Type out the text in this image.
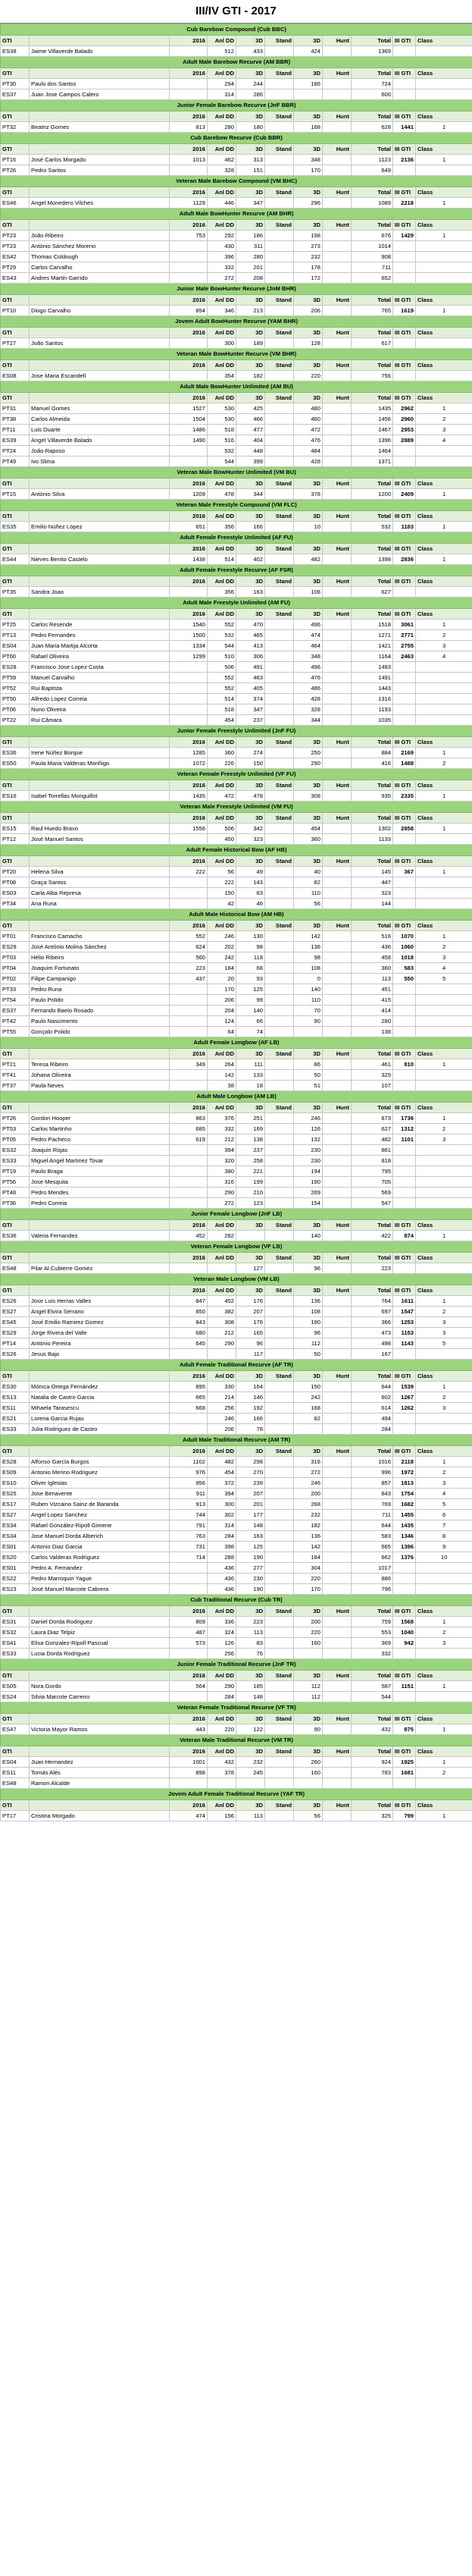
III/IV GTI - 2017
Cub Barebow Compound (Cub BBC)										
GTI		2016	Anl DD	3D	Stand	3D	Hunt	Total	III GTI	Class
ES38	Jaime Villaverde Balado		512	433		424		1369		
Adult Male Barebow Recurve (AM BBR)										
GTI		2016	Anl DD	3D	Stand	3D	Hunt	Total	III GTI	Class
PT30	Paulo dos Santos		294	244		186		724		
ES37	Juan Jose Campos Calero		314	286				600		
Junior Female Barebow Recurve (JnF BBR)										
GTI		2016	Anl DD	3D	Stand	3D	Hunt	Total	III GTI	Class
PT32	Beatriz Gomes	813	280	180		168		628	1441	1
Cub Barebow Recurve (Cub BBR)										
GTI		2016	Anl DD	3D	Stand	3D	Hunt	Total	III GTI	Class
PT16	José Carlos Morgado	1013	462	313		348		1123	2136	1
PT26	Pedro Santos		328	151		170		649		
Veteran Male Barebow Compound (VM BHC)										
GTI		2016	Anl DD	3D	Stand	3D	Hunt	Total	III GTI	Class
ES46	Angel Monedero Vilches	1129	446	347		296		1089	2218	1
Adult Male BowHunter Recurve (AM BHR)										
GTI		2016	Anl DD	3D	Stand	3D	Hunt	Total	III GTI	Class
PT23	João Ribeiro	753	292	186		198		676	1429	1
PT23	António Sánchez Moreno		430	311		273		1014		
ES42	Thomas Coldough		396	280		232		908		
PT29	Carlos Carvalho		332	201		178		711		
ES43	Andres Martin Garrido		272	208		172		652		
Junior Male BowHunter Recurve (JnM BHR)										
GTI		2016	Anl DD	3D	Stand	3D	Hunt	Total	III GTI	Class
PT10	Diogo Carvalho	854	346	213		206		765	1619	1
Jovem Adult BowHunter Recurve (YAM BHR)										
GTI		2016	Anl DD	3D	Stand	3D	Hunt	Total	III GTI	Class
PT27	João Santos		300	189		128		617		
Veteran Male BowHunter Recurve (VM BHR)										
GTI		2016	Anl DD	3D	Stand	3D	Hunt	Total	III GTI	Class
ES08	Jose Maria Escandell		354	182		220		756		
Adult Male BowHunter Unlimited (AM BU)										
GTI		2016	Anl DD	3D	Stand	3D	Hunt	Total	III GTI	Class
PT31	Manuel Gomes	1527	530	425		480		1435	2962	1
PT38	Carlos Almeida	1504	530	466		460		1456	2960	2
PT11	Luis Duarte	1486	518	477		472		1467	2953	3
ES39	Angel Villaverde Balado	1490	516	404		476		1396	2889	4
PT24	João Raposo		532	448		484		1464		
PT49	Ivo Slima		544	399		428		1371		
Veteran Male BowHunter Unlimited (VM BU)										
GTI		2016	Anl DD	3D	Stand	3D	Hunt	Total	III GTI	Class
PT15	António Silva	1209	478	344		378		1200	2409	1
Veteran Male Freestyle Compound (VM FLC)										
GTI		2016	Anl DD	3D	Stand	3D	Hunt	Total	III GTI	Class
ES35	Emilio Núñez López	651	356	166		10		532	1183	1
Adult Female Freestyle Unlimited (AF FU)										
GTI		2016	Anl DD	3D	Stand	3D	Hunt	Total	III GTI	Class
ES44	Nieves Benito Castelo	1438	514	402		482		1398	2836	1
Adult Female Freestyle Recurve (AF FSR)										
GTI		2016	Anl DD	3D	Stand	3D	Hunt	Total	III GTI	Class
PT35	Sandra Joao		356	163		108		627		
Adult Male Freestyle Unlimited (AM FU)										
GTI		2016	Anl DD	3D	Stand	3D	Hunt	Total	III GTI	Class
PT25	Carlos Resende	1540	552	470		496		1518	3061	1
PT13	Pedro Fernandes	1500	532	465		474		1271	2771	2
ES04	Juan Maria Martija Alcorta	1334	544	413		464		1421	2755	3
PT60	Rafael Oliveira	1299	510	306		348		1164	2463	4
ES28	Francisco Jose Lopez Costa		506	491		496		1493		
PT59	Manuel Carvalho		552	463		476		1491		
PT52	Rui Baptista		552	405		486		1443		
PT50	Alfredo Lopez Correia		514	374		428		1316		
PT06	Nuno Oliveira		518	347		328		1193		
PT22	Rui Câmara		454	237		344		1035		
Junior Female Freestyle Unlimited (JnF FU)										
GTI		2016	Anl DD	3D	Stand	3D	Hunt	Total	III GTI	Class
ES36	Irene Núñez Borque	1285	360	274		250		884	2169	1
ES50	Paula Maria Valderas Moriñigo	1072	226	150		290		416	1488	2
Veteran Female Freestyle Unlimited (VF FU)										
GTI		2016	Anl DD	3D	Stand	3D	Hunt	Total	III GTI	Class
ES16	Isabel Torrellas Monguillot	1435	472	478		308		935	2335	1
Veteran Male Freestyle Unlimited (VM FU)										
GTI		2016	Anl DD	3D	Stand	3D	Hunt	Total	III GTI	Class
ES15	Raul Huedo Bravo	1556	506	342		454		1302	2858	1
PT12	José Manuel Santos		450	323		360		1133		
Adult Female Historical Bow (AF HB)										
GTI		2016	Anl DD	3D	Stand	3D	Hunt	Total	III GTI	Class
PT20	Helena Silva	222	56	49		40		145	367	1
PT08	Graça Santos		222	143		82		447		
ES03	Carla Alba Represa		150	63		110		323		
PT34	Ana Runa		42	46		56		144		
Adult Male Historical Bow (AM HB)										
GTI		2016	Anl DD	3D	Stand	3D	Hunt	Total	III GTI	Class
PT01	Francisco Camacho	552	246	130		142		518	1070	1
ES29	José António Molina Sánchez	624	202	98		136		436	1060	2
PT03	Hélio Ribeiro	560	242	118		98		458	1018	3
PT04	Joaquim Fortunato	223	184	68		108		360	583	4
PT02	Filipe Campanigo	437	20	93		0		113	550	5
PT33	Pedro Runa		170	125		140		451		
PT54	Paulo Polido		206	99		110		415		
ES37	Fernando Baelo Rosado		204	140		70		414		
PT42	Paulo Nascimento		124	66		90		280		
PT55	Gonçalo Polido		64	74				138		
Adult Female Longbow (AF LB)										
GTI		2016	Anl DD	3D	Stand	3D	Hunt	Total	III GTI	Class
PT21	Teresa Ribeiro	349	264	111		86		461	810	1
PT41	Johana Oliveira		142	133		50		325		
PT37	Paula Neves		38	18		51		107		
Adult Male Longbow (AM LB)										
GTI		2016	Anl DD	3D	Stand	3D	Hunt	Total	III GTI	Class
PT26	Gordon Hooper	863	376	251		246		873	1736	1
PT53	Carlos Martinho	685	332	169		126		627	1312	2
PT05	Pedro Pacheco	619	212	138		132		482	1101	3
ES32	Joaquin Rojas		394	237		230		861		
ES33	Miguel Angel Martinez Tovar		320	258		230		818		
PT19	Paulo Braga		380	221		194		795		
PT56	Jose Mesquita		316	199		190		705		
PT48	Pedro Mendes		290	210		269		569		
PT36	Pedro Correia		272	123		154		547		
Junior Female Longbow (JnF LB)										
GTI		2016	Anl DD	3D	Stand	3D	Hunt	Total	III GTI	Class
ES36	Valeria Fernandez	452	282			140		422	874	1
Veteran Female Longbow (VF LB)										
GTI		2016	Anl DD	3D	Stand	3D	Hunt	Total	III GTI	Class
ES48	Pilar Al.Cubierre Gomez			127		96		223		
Veteran Male Longbow (VM LB)										
GTI		2016	Anl DD	3D	Stand	3D	Hunt	Total	III GTI	Class
ES26	Jose Luis Herras Valles	847	452	176		136		764	1611	1
ES27	Angel Elvira Serrano	850	382	207		108		697	1547	2
ES45	José Emilio Ramirez Gomez	843	308	176		190		366	1253	3
ES29	Jorge Rivera del Valle	680	212	165		96		473	1153	3
PT14	António Pereira	645	290	96		112		498	1143	5
ES26	Jesus Bajo			117		50		167		
Adult Female Traditional Recurve (AF TR)										
GTI		2016	Anl DD	3D	Stand	3D	Hunt	Total	III GTI	Class
ES30	Mónica Ortega Fernández	895	330	164		150		644	1539	1
ES13	Natalia de Castro Garcia	665	214	146		242		602	1267	2
ES11	Mihaela Tarasescu	668	256	192		168		614	1262	3
ES21	Lorena Garcia Rujas		246	166		82		494		
ES33	Julia Rodriguez de Castro		206	78				284		
Adult Male Traditional Recurve (AM TR)										
GTI		2016	Anl DD	3D	Stand	3D	Hunt	Total	III GTI	Class
ES28	Alfonso García Burgos	1102	482	298		316		1016	2118	1
ES09	Antonio Merino Rodriguez	976	454	270		272		996	1972	2
ES10	Oliver Iglesias	956	372	239		246		857	1813	3
ES25	Jose Benavente	911	394	207		200		843	1754	4
ES17	Ruben Vizcaino Sainz de Baranda	913	300	201		268		769	1682	5
ES27	Angel Lopez Sanchez	744	302	177		232		711	1455	6
ES34	Rafael González-Ripoll Gimene	791	314	148		182		644	1435	7
ES34	Jose Manuel Dorda Alberich	763	284	163		136		583	1346	8
ES01	Antonio Diaz Garcia	731	398	125		142		665	1396	9
ES20	Carlos Valderas Rodriguez	714	288	190		184		662	1376	10
ES01	Pedro A. Fernandez		436	277		304		1017		
ES22	Pedro Marroquin Yague		436	230		220		886		
ES23	José Manuel Marcote Cabrera		436	190		170		796		
Cub Traditional Recurve (Cub TR)										
GTI		2016	Anl DD	3D	Stand	3D	Hunt	Total	III GTI	Class
ES31	Daniel Dorda Rodriguez	809	336	223		200		759	1568	1
ES32	Laura Diaz Telpiz	487	324	113		220		553	1040	2
ES41	Elisa Gonzalez-Ripoll Pascual	573	126	83		160		369	942	3
ES33	Lucia Dorda Rodriguez		256	76				332		
Junior Female Traditional Recurve (JnF TR)										
GTI		2016	Anl DD	3D	Stand	3D	Hunt	Total	III GTI	Class
ES05	Nora Gordo	564	290	185		112		587	1151	1
ES24	Silvia Marcote Carreiro		284	148		112		544		
Veteran Female Traditional Recurve (VF TR)										
GTI		2016	Anl DD	3D	Stand	3D	Hunt	Total	III GTI	Class
ES47	Victoria Mayor Ramos	443	220	122		90		432	875	1
Veteran Male Traditional Recurve (VM TR)										
GTI		2016	Anl DD	3D	Stand	3D	Hunt	Total	III GTI	Class
ES04	Juan Hernandez	1001	432	232		260		924	1925	1
ES11	Tomás Alés	898	378	245		160		783	1681	2
ES48	Ramon Alcalde									
Jovem Adult Female Traditional Recurve (YAF TR)										
GTI		2016	Anl DD	3D	Stand	3D	Hunt	Total	III GTI	Class
PT17	Cristina Morgado	474	156	113		56		325	799	1
